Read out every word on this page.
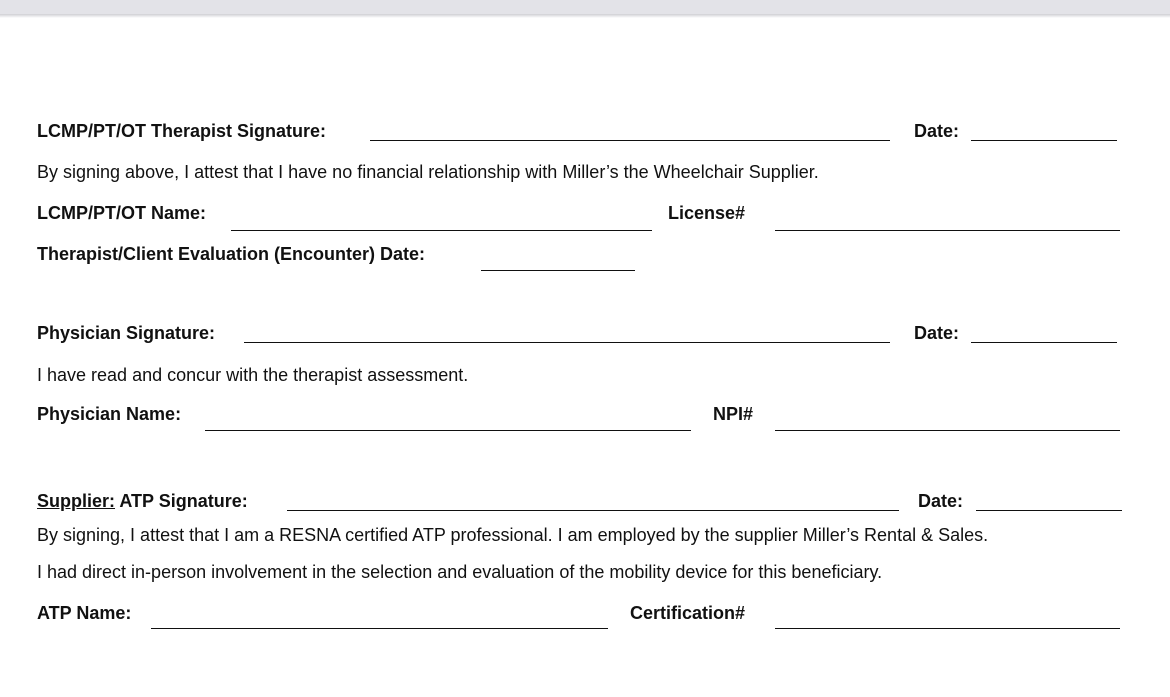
LCMP/PT/OT Therapist Signature:	Date:
By signing above, I attest that I have no financial relationship with Miller’s the Wheelchair Supplier.
LCMP/PT/OT Name:	License#
Therapist/Client Evaluation (Encounter) Date:
Physician Signature:	Date:
I have read and concur with the therapist assessment.
Physician Name:	NPI#
Supplier: ATP Signature:	Date:
By signing, I attest that I am a RESNA certified ATP professional. I am employed by the supplier Miller’s Rental & Sales.
I had direct in-person involvement in the selection and evaluation of the mobility device for this beneficiary.
ATP Name:	Certification#
